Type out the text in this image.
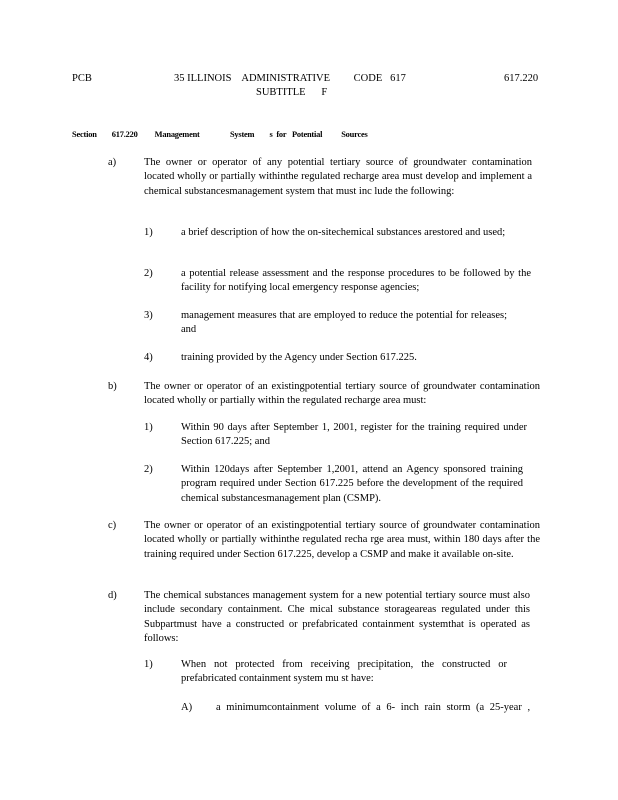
PCB	35 ILLINOIS    ADMINISTRATIVE         CODE   617
SUBTITLE      F
617.220
Section        617.220         Management                System        s  for   Potential          Sources
a)	The owner or operator of any potential tertiary source of groundwater contamination located wholly or partially withinthe regulated recharge area must develop and implement a chemical substancesmanagement system that must inc lude the following:
1)	a brief description of how the on-sitechemical substances arestored and used;
2)	a potential release assessment and the response procedures to be followed by the facility for notifying local emergency response agencies;
3)	management measures that are employed to reduce the potential for releases; and
4)	training provided by the Agency under Section 617.225.
b)	The owner or operator of an existingpotential tertiary source of groundwater contamination located wholly or partially within the regulated recharge area must:
1)	Within 90 days after September 1, 2001, register for the training required under Section 617.225; and
2)	Within 120days after September 1,2001, attend an Agency sponsored training program required under Section 617.225 before the development of the required chemical substancesmanagement plan (CSMP).
c)	The owner or operator of an existingpotential tertiary source of groundwater contamination located wholly or partially withinthe regulated recha rge area must, within 180 days after the training required under Section 617.225, develop a CSMP and make it available on-site.
d)	The chemical substances management system for a new potential tertiary source must also include secondary containment. Che mical substance storageareas regulated under this Subpartmust have a constructed or prefabricated containment systemthat is operated as follows:
1)	When not protected from receiving precipitation, the constructed or prefabricated containment system mu st have:
A) a minimumcontainment volume of a 6- inch rain storm (a 25-year ,
